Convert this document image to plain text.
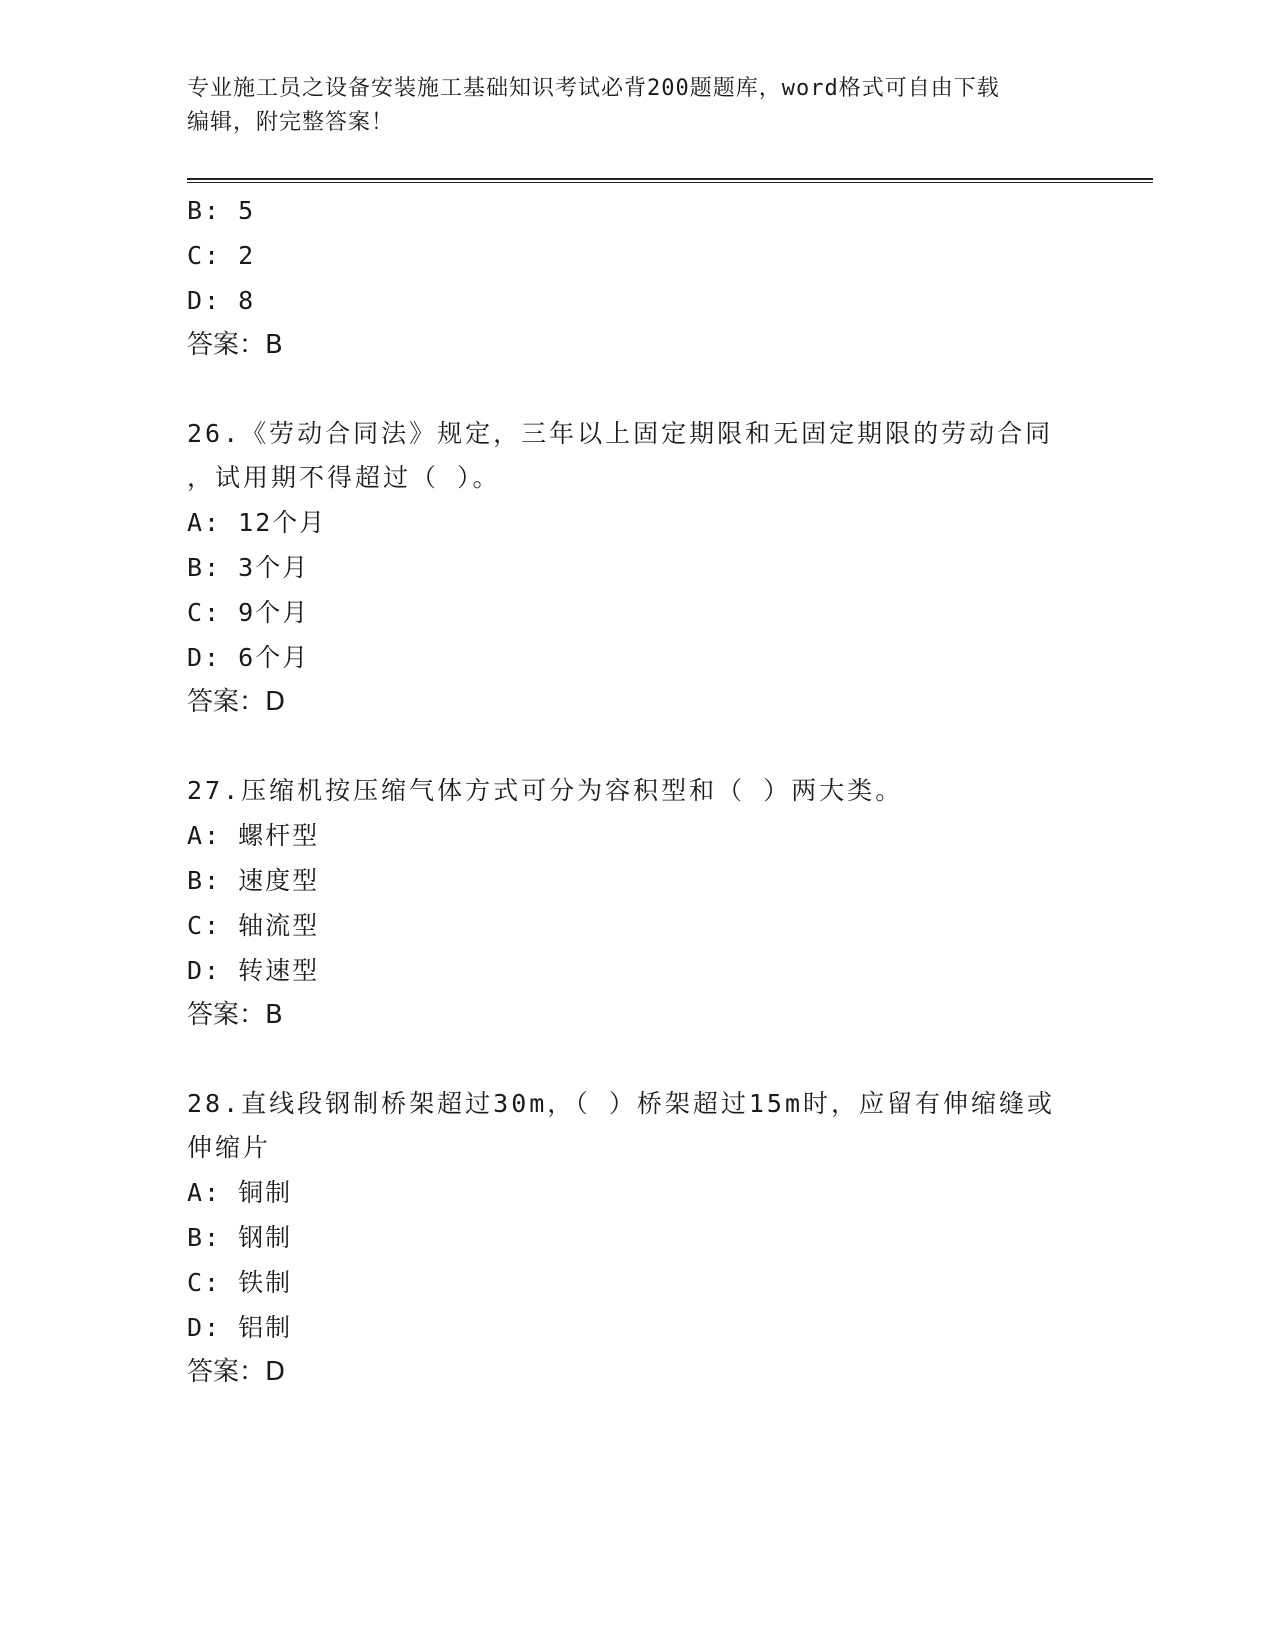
专业施工员之设备安装施工基础知识考试必背200题题库，word格式可自由下载
编辑，附完整答案！
B: 5
C: 2
D: 8
答案：B
26.《劳动合同法》规定，三年以上固定期限和无固定期限的劳动合同
，试用期不得超过（ ）。
A: 12个月
B: 3个月
C: 9个月
D: 6个月
答案：D
27.压缩机按压缩气体方式可分为容积型和（ ）两大类。
A: 螺杆型
B: 速度型
C: 轴流型
D: 转速型
答案：B
28.直线段钢制桥架超过30m，（ ）桥架超过15m时，应留有伸缩缝或
伸缩片
A: 铜制
B: 钢制
C: 铁制
D: 铝制
答案：D
